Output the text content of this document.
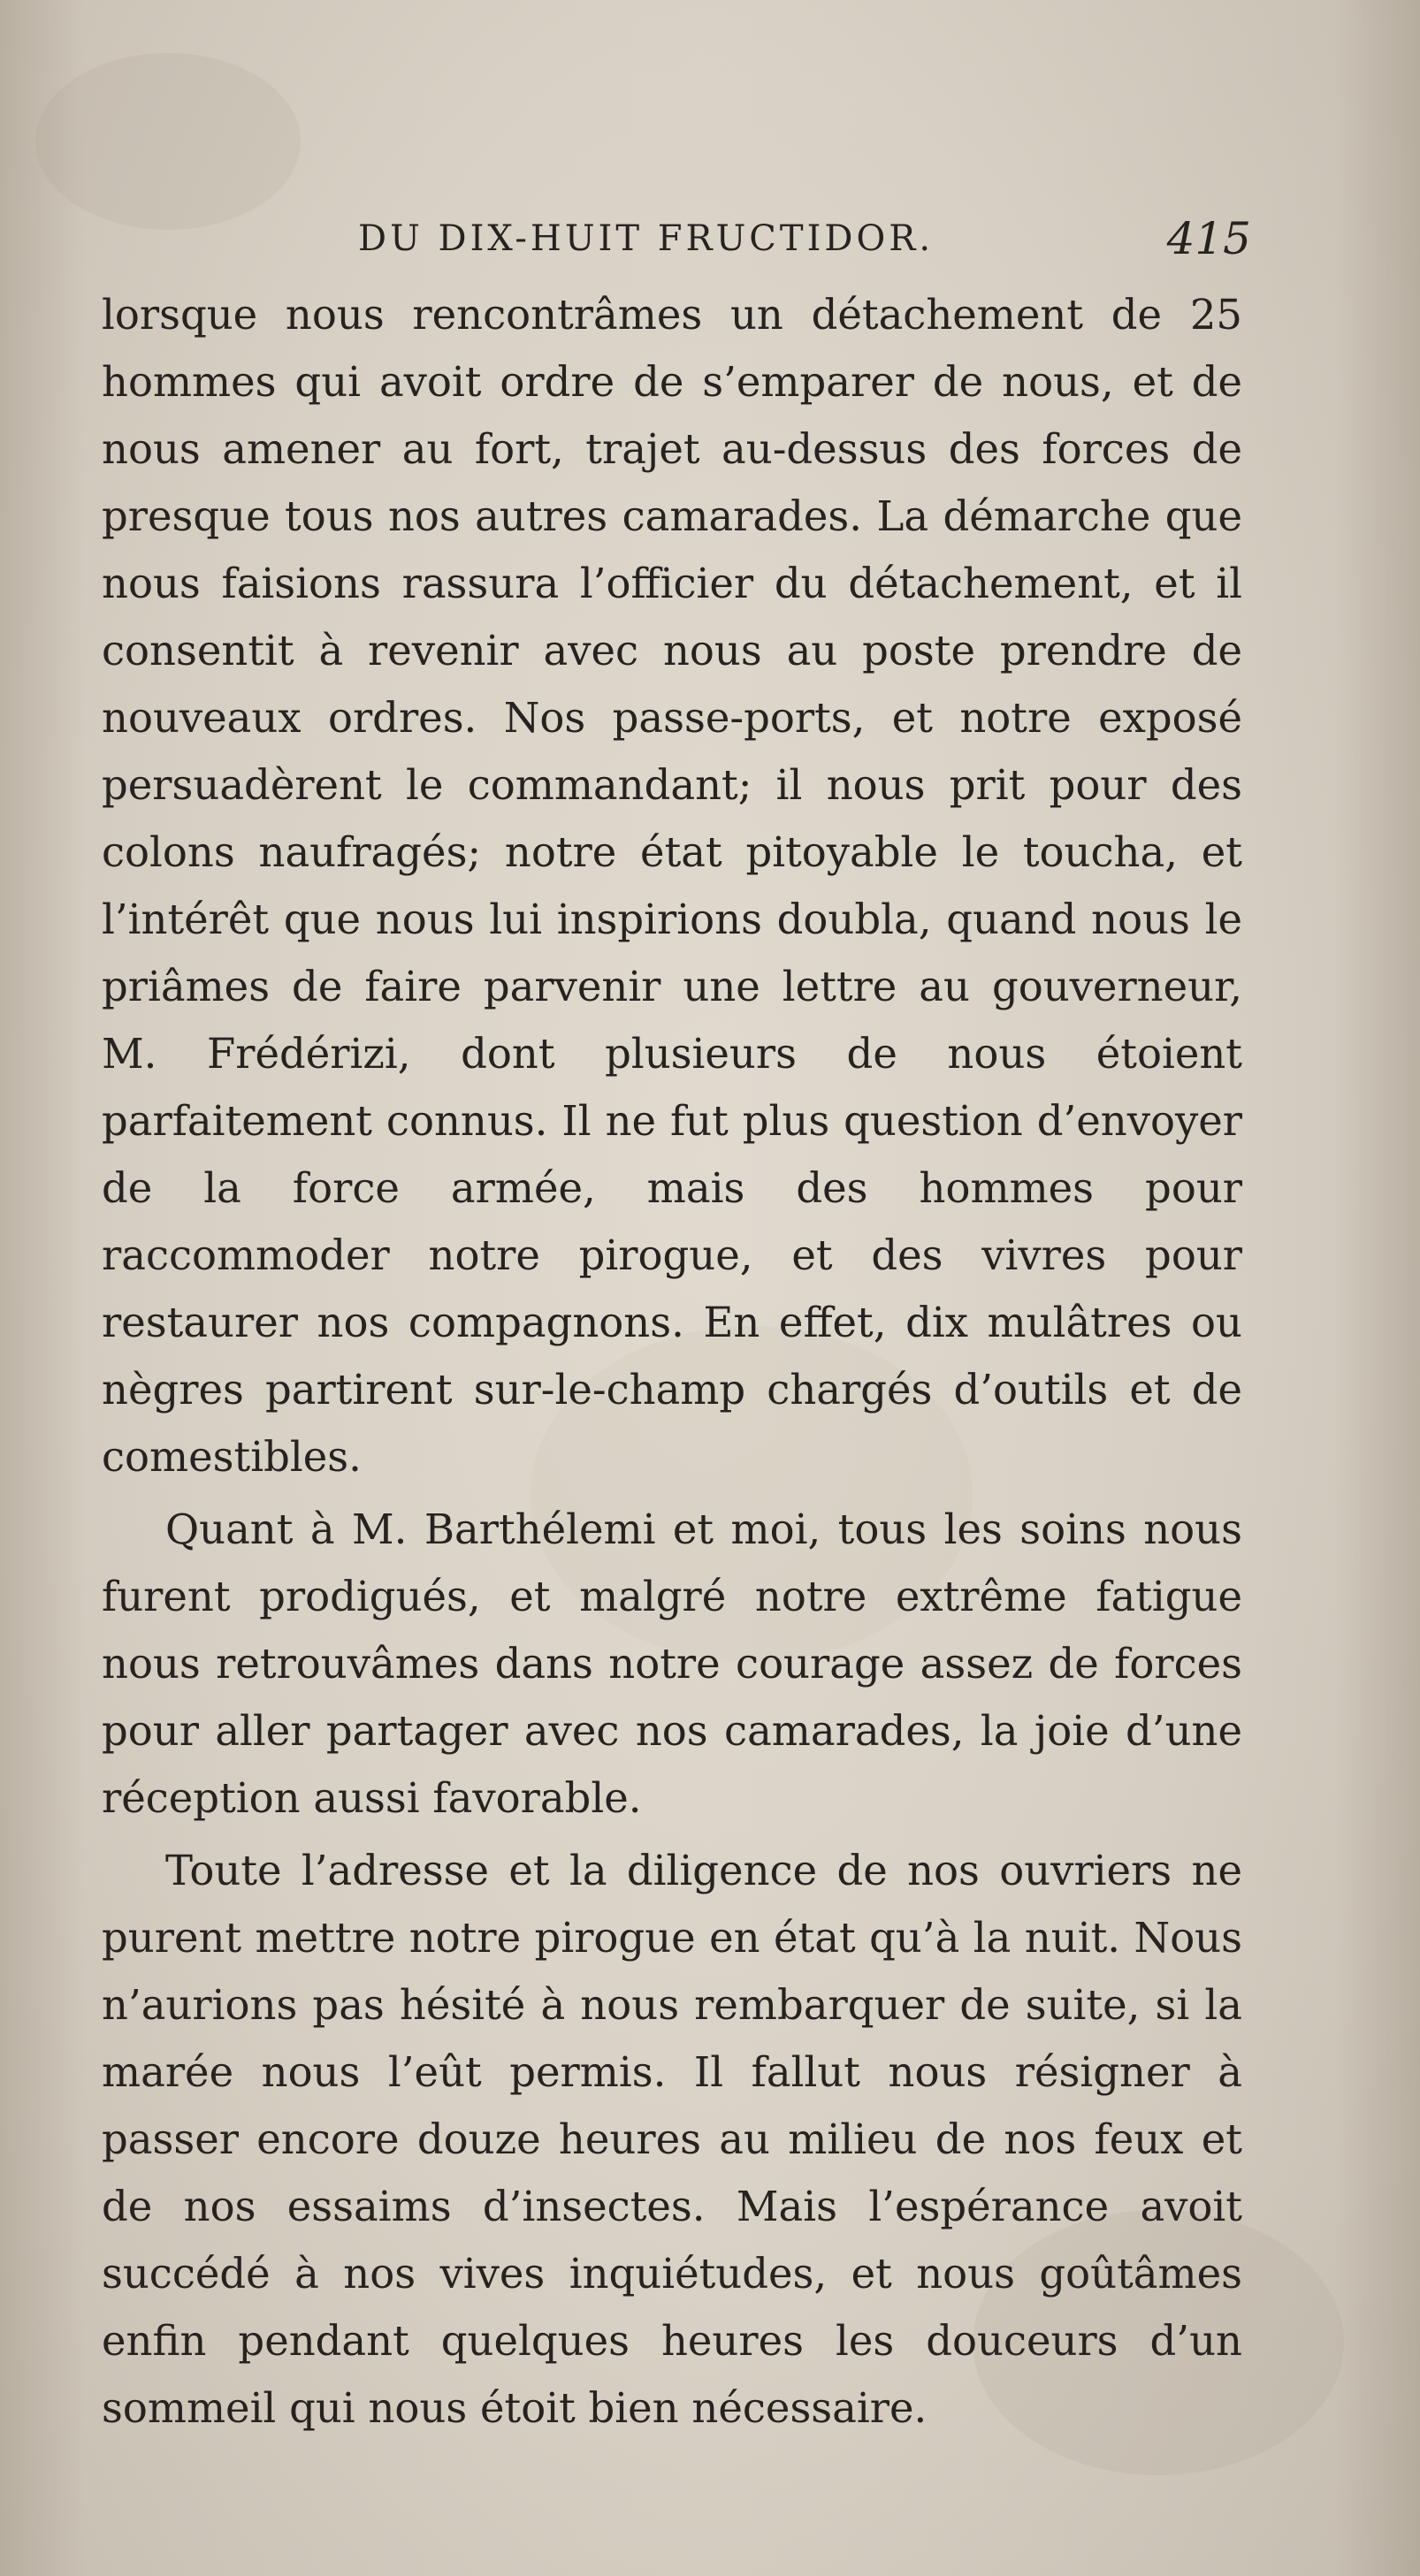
DU DIX-HUIT FRUCTIDOR.	415

lorsque nous rencontrâmes un détachement de 25 hommes qui avoit ordre de s’emparer de nous, et de nous amener au fort, trajet au-dessus des forces de presque tous nos autres camarades. La démarche que nous faisions rassura l’officier du détachement, et il consentit à revenir avec nous au poste prendre de nouveaux ordres. Nos passe-ports, et notre exposé persuadèrent le commandant; il nous prit pour des colons naufragés; notre état pitoyable le toucha, et l’intérêt que nous lui inspirions doubla, quand nous le priâmes de faire parvenir une lettre au gouverneur, M. Frédérizi, dont plusieurs de nous étoient parfaitement connus. Il ne fut plus question d’envoyer de la force armée, mais des hommes pour raccommoder notre pirogue, et des vivres pour restaurer nos compagnons. En effet, dix mulâtres ou nègres partirent sur-le-champ chargés d’outils et de comestibles.

Quant à M. Barthélemi et moi, tous les soins nous furent prodigués, et malgré notre extrême fatigue nous retrouvâmes dans notre courage assez de forces pour aller partager avec nos camarades, la joie d’une réception aussi favorable.

Toute l’adresse et la diligence de nos ouvriers ne purent mettre notre pirogue en état qu’à la nuit. Nous n’aurions pas hésité à nous rembarquer de suite, si la marée nous l’eût permis. Il fallut nous résigner à passer encore douze heures au milieu de nos feux et de nos essaims d’insectes. Mais l’espérance avoit succédé à nos vives inquiétudes, et nous goûtâmes enfin pendant quelques heures les douceurs d’un sommeil qui nous étoit bien nécessaire.
